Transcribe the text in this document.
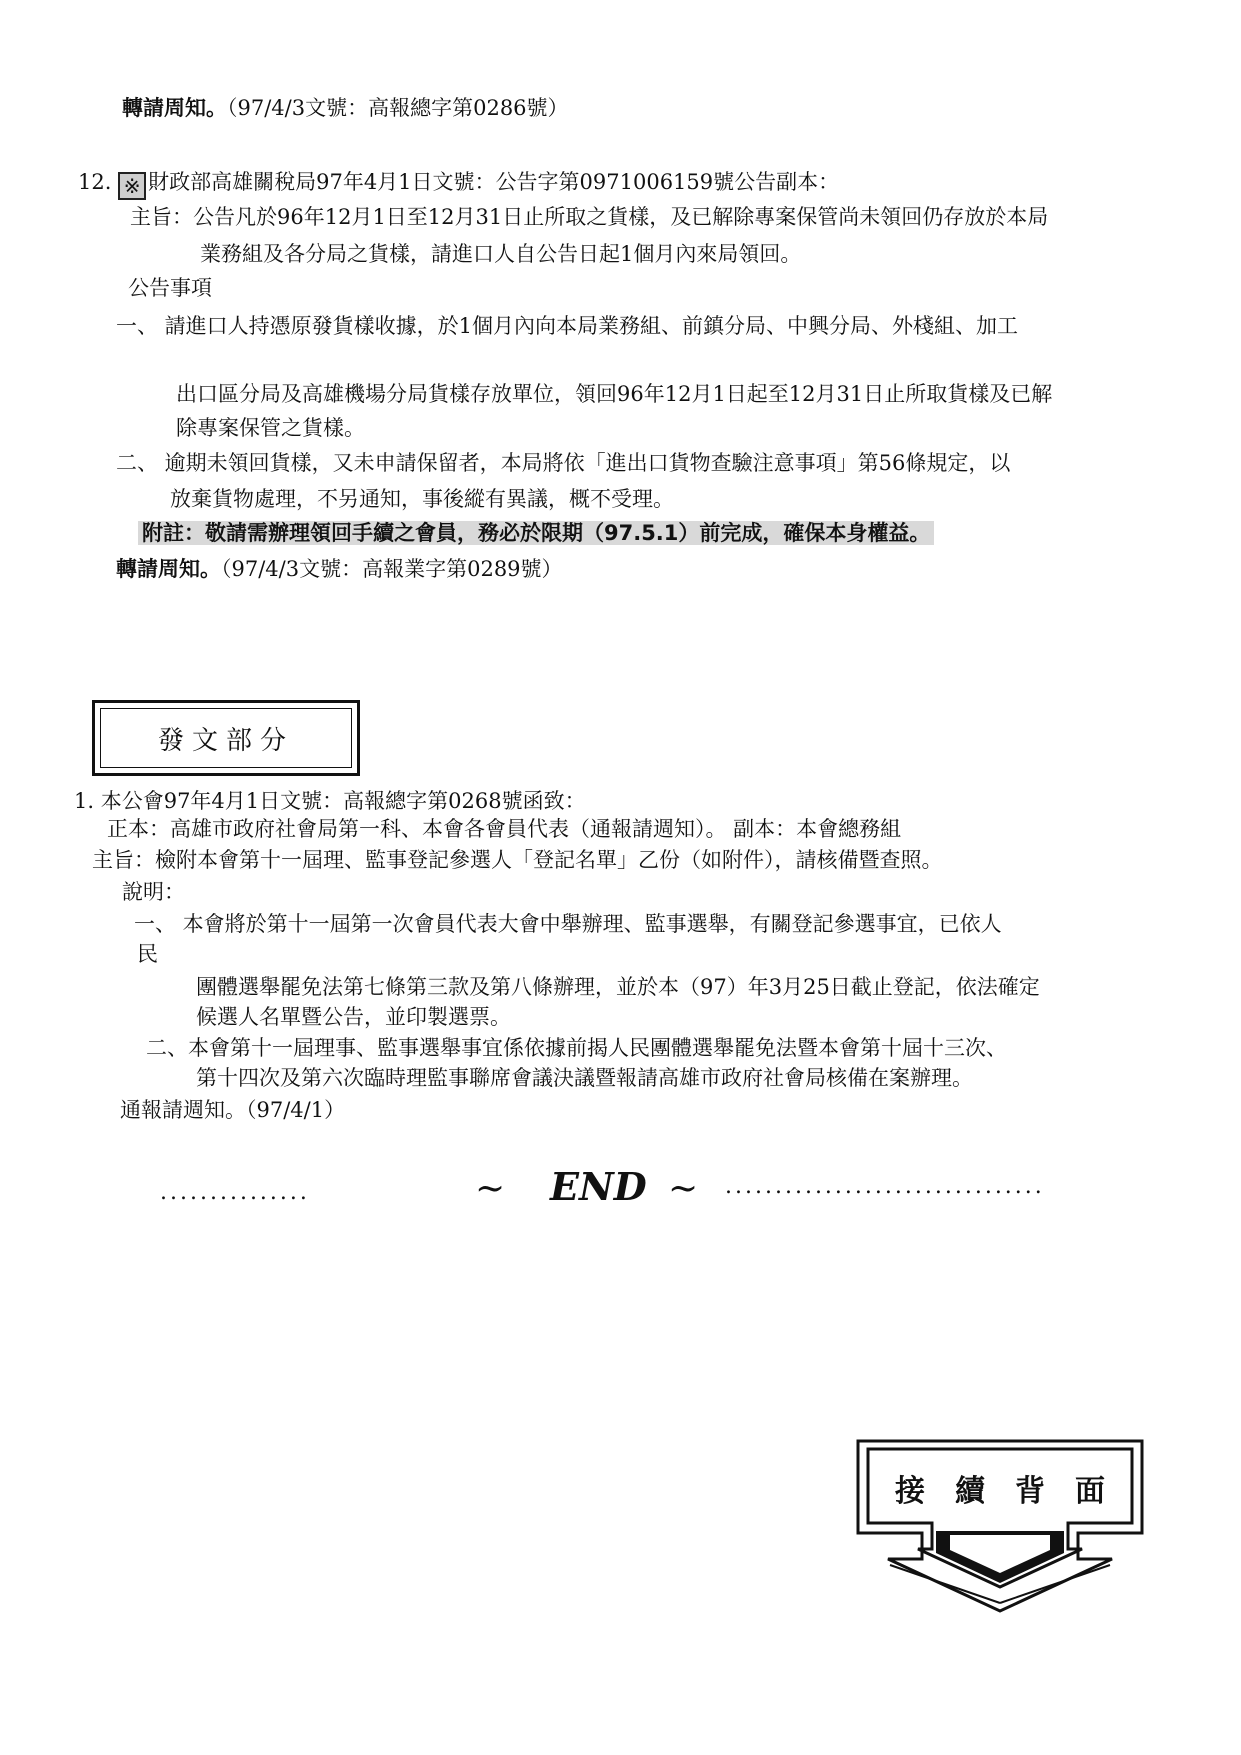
轉請周知。（97/4/3文號：高報總字第0286號）
12. ※ 財政部高雄關稅局97年4月1日文號：公告字第0971006159號公告副本：
主旨：公告凡於96年12月1日至12月31日止所取之貨樣，及已解除專案保管尚未領回仍存放於本局
業務組及各分局之貨樣，請進口人自公告日起1個月內來局領回。
公告事項
一、 請進口人持憑原發貨樣收據，於1個月內向本局業務組、前鎮分局、中興分局、外棧組、加工
出口區分局及高雄機場分局貨樣存放單位，領回96年12月1日起至12月31日止所取貨樣及已解
除專案保管之貨樣。
二、 逾期未領回貨樣，又未申請保留者，本局將依「進出口貨物查驗注意事項」第56條規定，以
放棄貨物處理，不另通知，事後縱有異議，概不受理。
附註：敬請需辦理領回手續之會員，務必於限期（97.5.1）前完成，確保本身權益。
轉請周知。（97/4/3文號：高報業字第0289號）
發文部分
1. 本公會97年4月1日文號：高報總字第0268號函致：
正本：高雄市政府社會局第一科、本會各會員代表（通報請週知）。 副本：本會總務組
主旨：檢附本會第十一屆理、監事登記參選人「登記名單」乙份（如附件），請核備暨查照。
說明：
一、 本會將於第十一屆第一次會員代表大會中舉辦理、監事選舉，有關登記參選事宜，已依人
民
團體選舉罷免法第七條第三款及第八條辦理，並於本（97）年3月25日截止登記，依法確定
候選人名單暨公告，並印製選票。
二、本會第十一屆理事、監事選舉事宜係依據前揭人民團體選舉罷免法暨本會第十屆十三次、
第十四次及第六次臨時理監事聯席會議決議暨報請高雄市政府社會局核備在案辦理。
通報請週知。（97/4/1）
...............	~ END ~ ................................
接 續 背 面
